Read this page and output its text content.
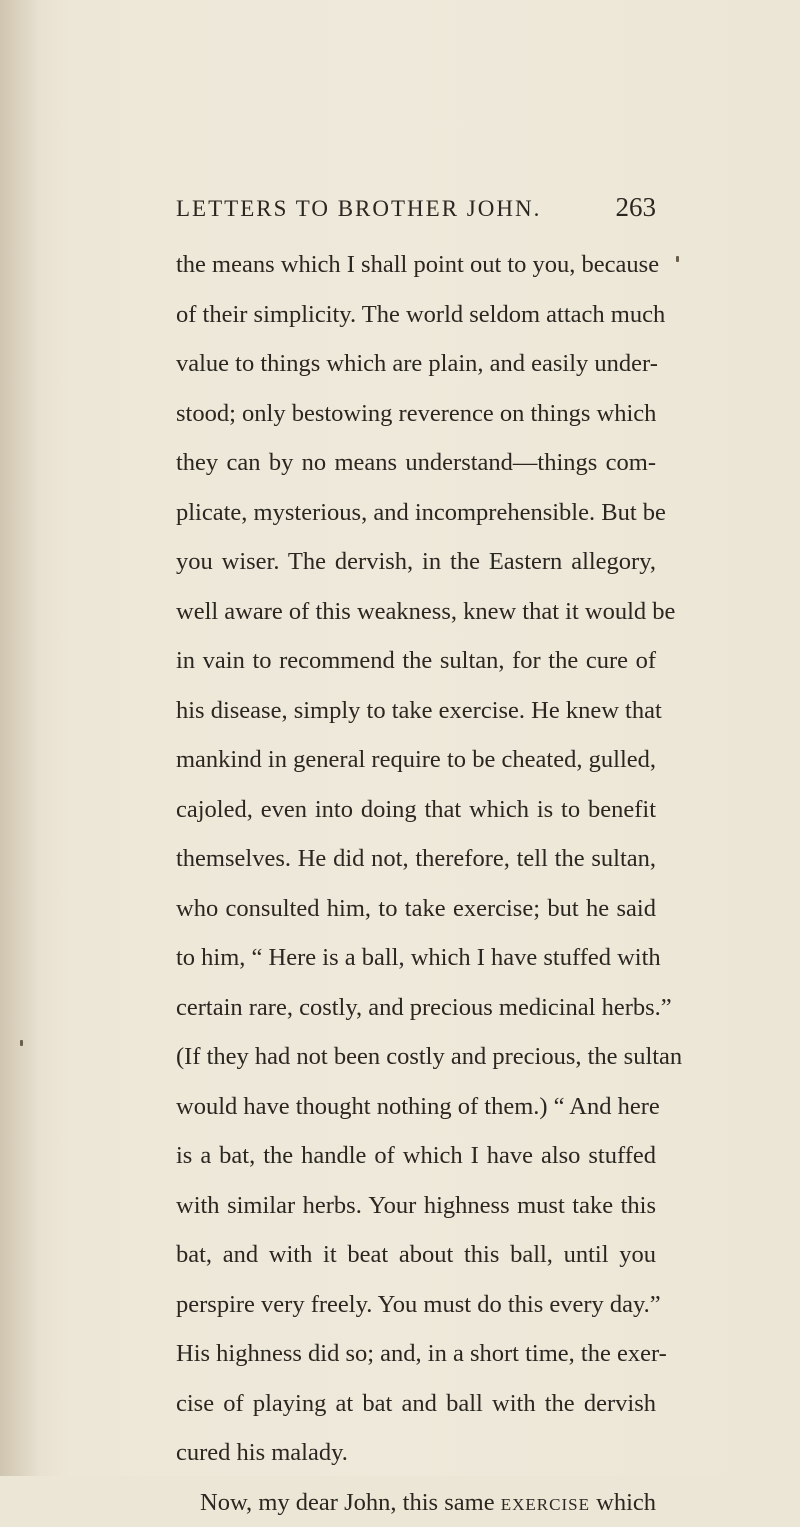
LETTERS TO BROTHER JOHN.	263
the means which I shall point out to you, because
of their simplicity. The world seldom attach much
value to things which are plain, and easily under-
stood; only bestowing reverence on things which
they can by no means understand—things com-
plicate, mysterious, and incomprehensible. But be
you wiser. The dervish, in the Eastern allegory,
well aware of this weakness, knew that it would be
in vain to recommend the sultan, for the cure of
his disease, simply to take exercise. He knew that
mankind in general require to be cheated, gulled,
cajoled, even into doing that which is to benefit
themselves. He did not, therefore, tell the sultan,
who consulted him, to take exercise; but he said
to him, “ Here is a ball, which I have stuffed with
certain rare, costly, and precious medicinal herbs.”
(If they had not been costly and precious, the sultan
would have thought nothing of them.) “ And here
is a bat, the handle of which I have also stuffed
with similar herbs. Your highness must take this
bat, and with it beat about this ball, until you
perspire very freely. You must do this every day.”
His highness did so; and, in a short time, the exer-
cise of playing at bat and ball with the dervish
cured his malady.
Now, my dear John, this same exercise which
